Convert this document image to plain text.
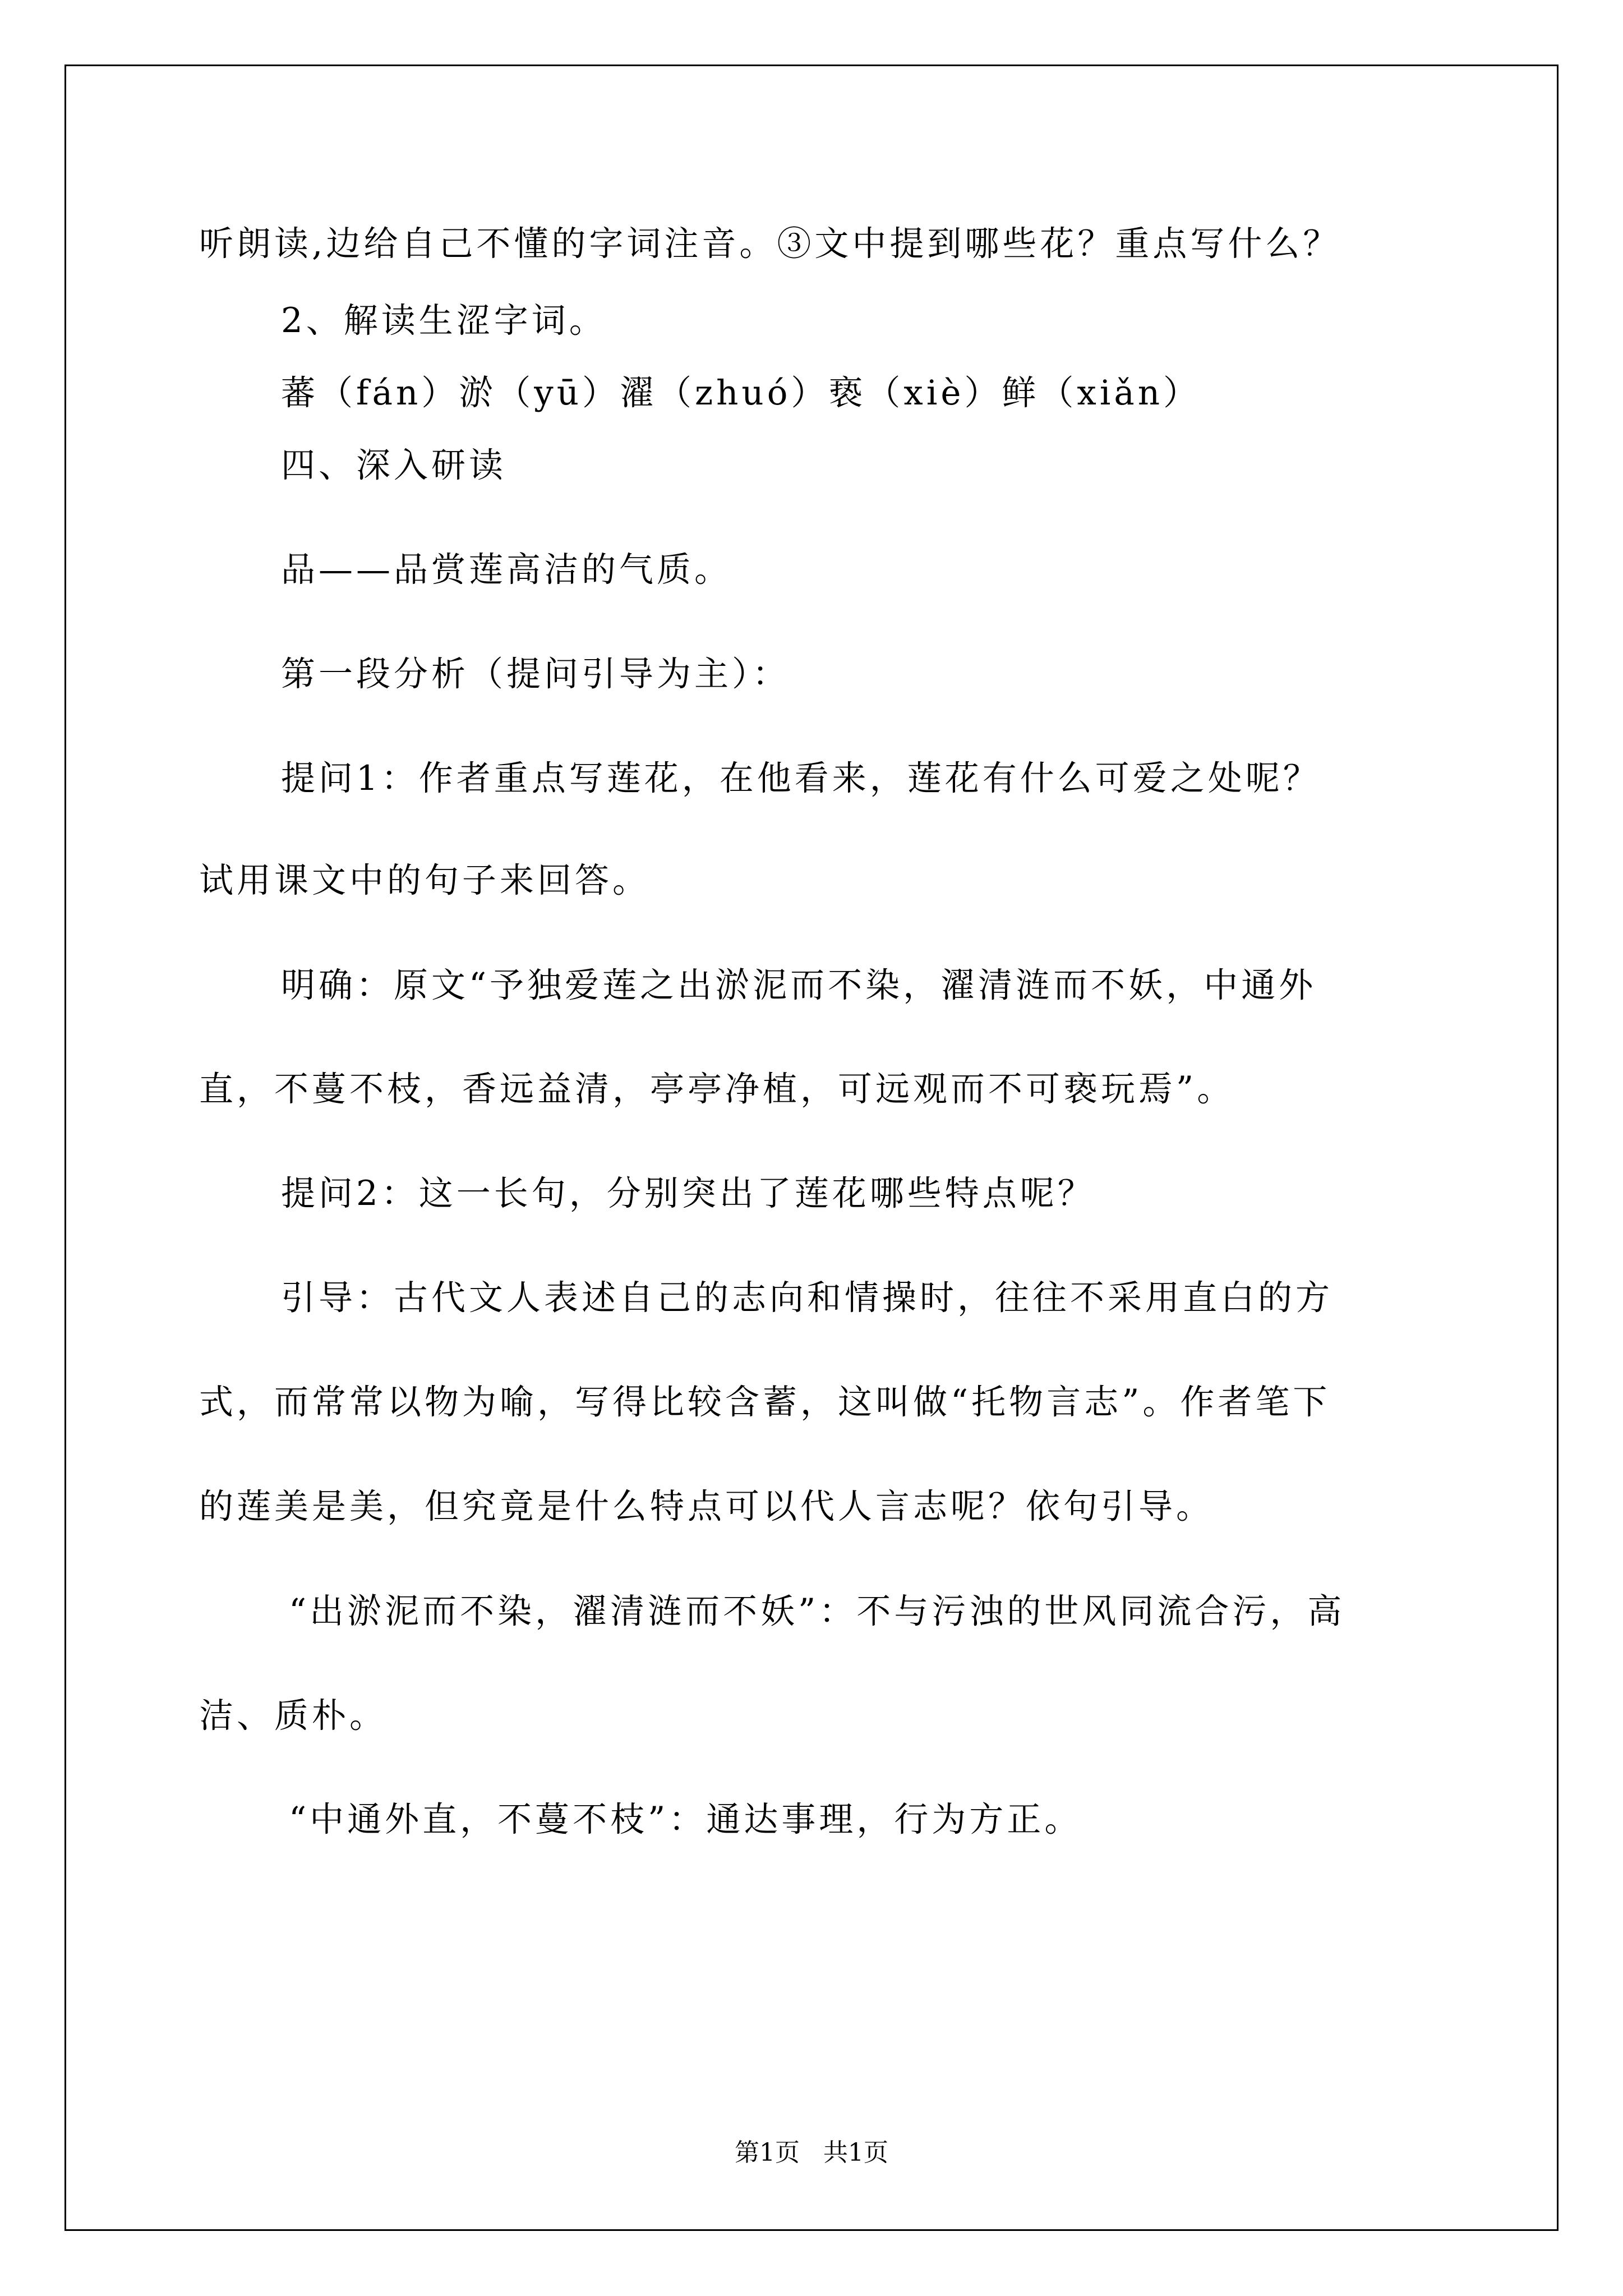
听朗读,边给自己不懂的字词注音。③文中提到哪些花？重点写什么？
2、解读生涩字词。
四、深入研读
品——品赏莲高洁的气质。
第一段分析（提问引导为主）：
提问1：作者重点写莲花，在他看来，莲花有什么可爱之处呢？
试用课文中的句子来回答。
明确：原文“予独爱莲之出淤泥而不染，濯清涟而不妖，中通外
直，不蔓不枝，香远益清，亭亭净植，可远观而不可亵玩焉”。
提问2：这一长句，分别突出了莲花哪些特点呢？
引导：古代文人表述自己的志向和情操时，往往不采用直白的方
式，而常常以物为喻，写得比较含蓄，这叫做“托物言志”。作者笔下
的莲美是美，但究竟是什么特点可以代人言志呢？依句引导。
“出淤泥而不染，濯清涟而不妖”：不与污浊的世风同流合污，高
洁、质朴。
“中通外直，不蔓不枝”：通达事理，行为方正。
蕃（fán）淤（yū）濯（zhuó）亵（xiè）鲜（xiǎn）
第1页   共1页
